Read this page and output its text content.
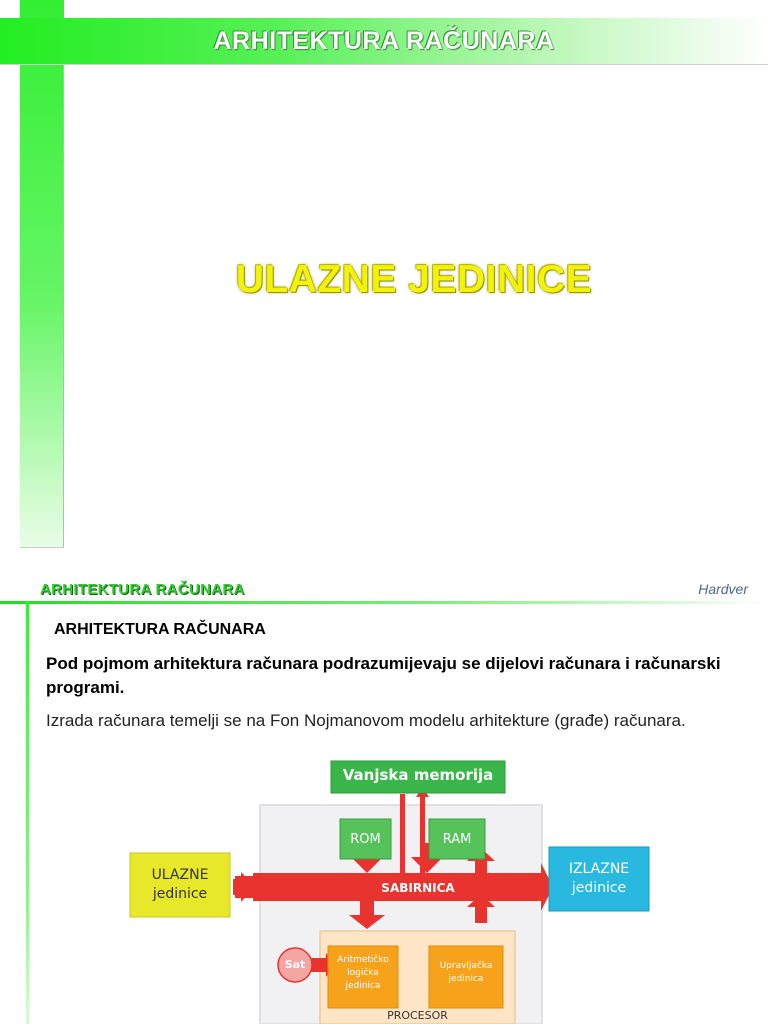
ARHITEKTURA RAČUNARA
ULAZNE JEDINICE
ARHITEKTURA RAČUNARA	Hardver
ARHITEKTURA RAČUNARA
Pod pojmom arhitektura računara podrazumijevaju se dijelovi računara i računarski programi.
Izrada računara temelji se na Fon Nojmanovom modelu arhitekture (građe) računara.
Vanjska memorija
ROM	RAM
SABIRNICA
ULAZNE
jedinice
IZLAZNE
jedinice
Sat	Aritmetičko
logička
jedinica
Upravljačka
jedinica
PROCESOR
